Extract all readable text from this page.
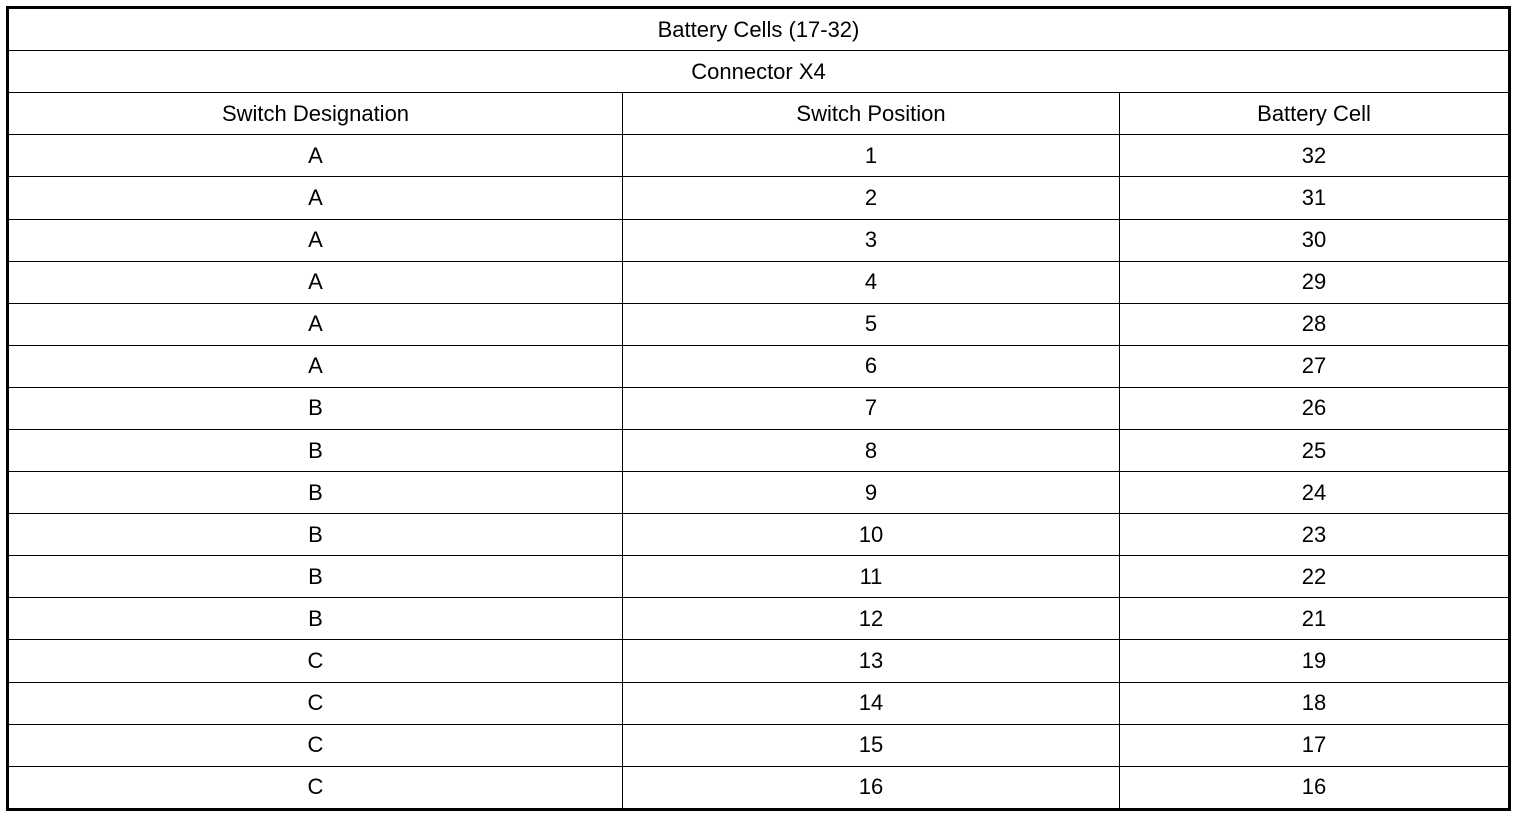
Battery Cells (17-32)		
Connector X4		
Switch Designation	Switch Position	Battery Cell
A	1	32
A	2	31
A	3	30
A	4	29
A	5	28
A	6	27
B	7	26
B	8	25
B	9	24
B	10	23
B	11	22
B	12	21
C	13	19
C	14	18
C	15	17
C	16	16
